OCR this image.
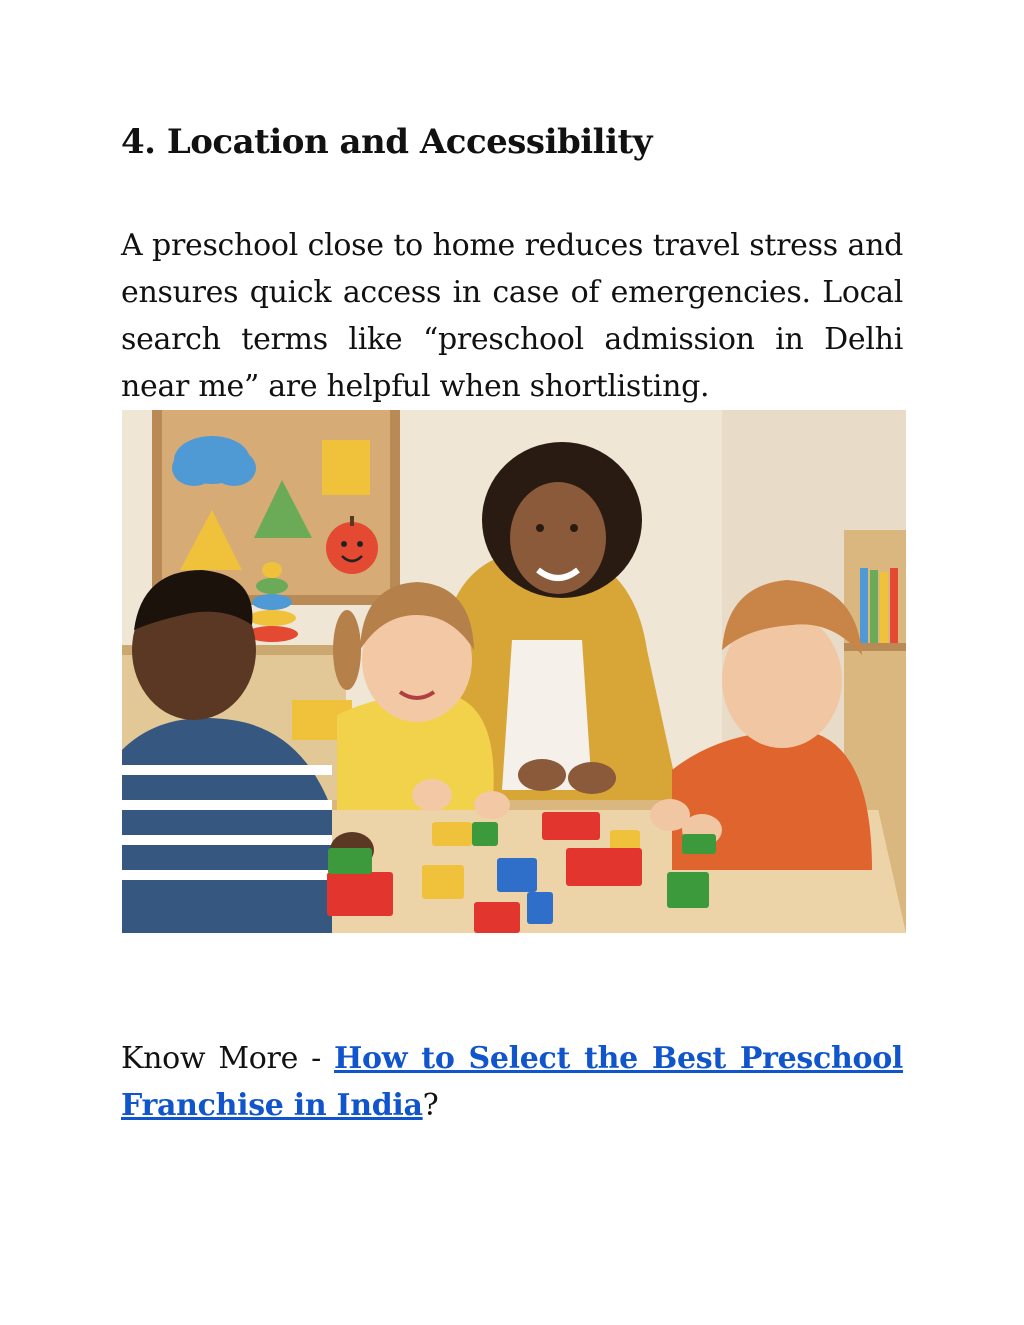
4. Location and Accessibility

A preschool close to home reduces travel stress and ensures quick access in case of emergencies. Local search terms like “preschool admission in Delhi near me” are helpful when shortlisting.

Know More - How to Select the Best Preschool Franchise in India?
